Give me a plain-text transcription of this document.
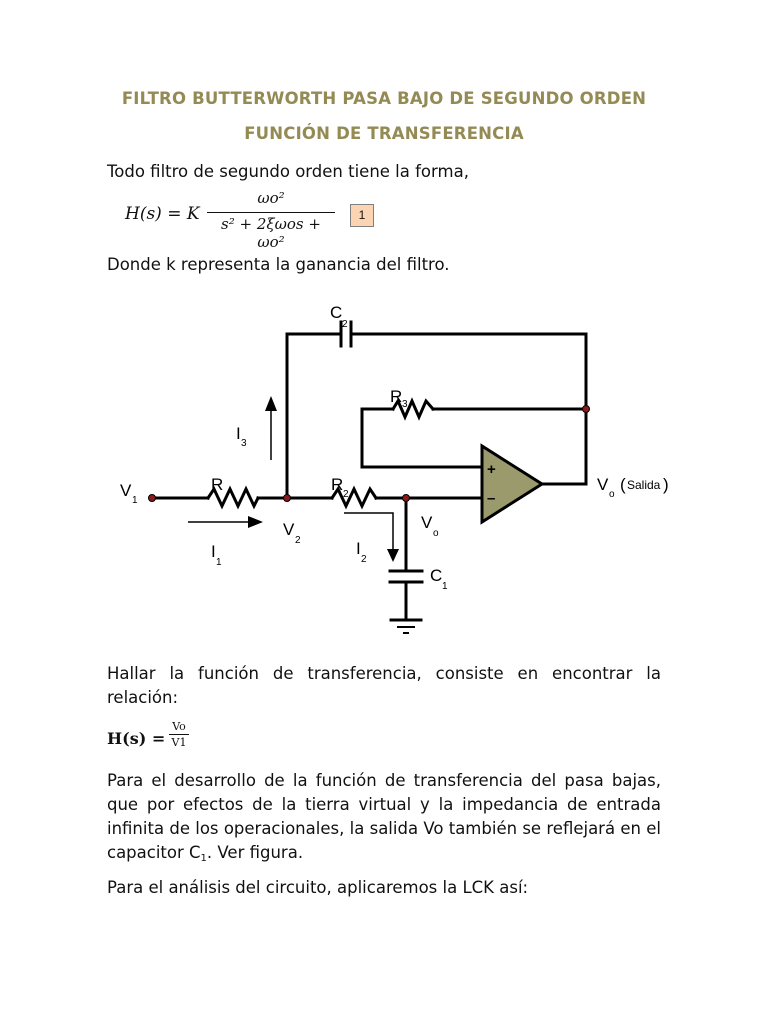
FILTRO BUTTERWORTH PASA BAJO DE SEGUNDO ORDEN
FUNCIÓN DE TRANSFERENCIA
Todo filtro de segundo orden tiene la forma,
H(s) = K
ωo²
s² + 2ξωos + ωo²
1
Donde k representa la ganancia del filtro.
C
2
R 3
I
3
V
1
R	R
2
V
2
I
1
I
2
V
o
C
1
V
o
( Salida )
+
–
Hallar la función de transferencia, consiste en encontrar la relación:
H(s) =
Vo
V1
Para el desarrollo de la función de transferencia del pasa bajas, que por efectos de la tierra virtual y la impedancia de entrada infinita de los operacionales, la salida Vo también se reflejará en el capacitor $C_1$. Ver figura.
Para el análisis del circuito, aplicaremos la LCK así:
